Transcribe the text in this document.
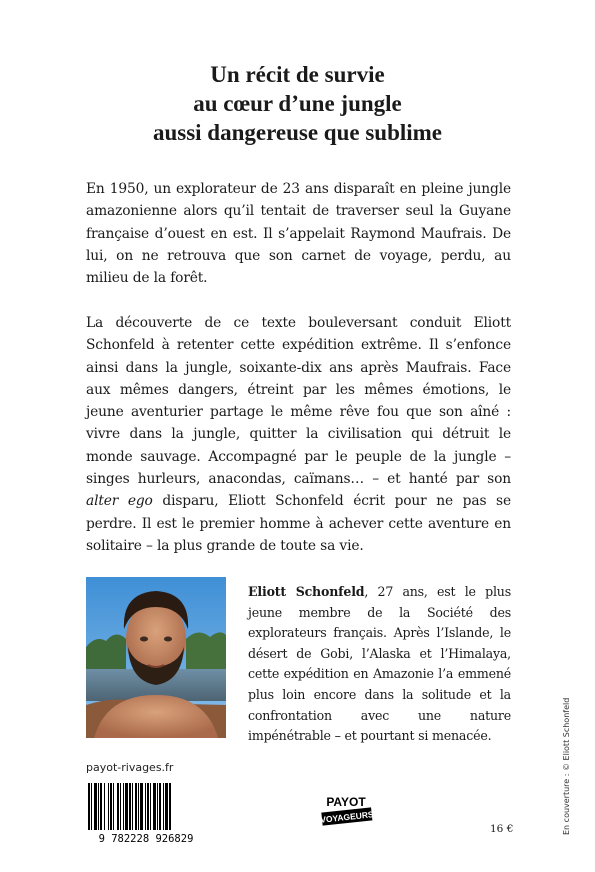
Un récit de survie
au cœur d’une jungle
aussi dangereuse que sublime

En 1950, un explorateur de 23 ans disparaît en pleine jungle amazonienne alors qu’il tentait de traverser seul la Guyane française d’ouest en est. Il s’appelait Raymond Maufrais. De lui, on ne retrouva que son carnet de voyage, perdu, au milieu de la forêt.

La découverte de ce texte bouleversant conduit Eliott Schonfeld à retenter cette expédition extrême. Il s’enfonce ainsi dans la jungle, soixante-dix ans après Maufrais. Face aux mêmes dangers, étreint par les mêmes émotions, le jeune aventurier partage le même rêve fou que son aîné : vivre dans la jungle, quitter la civilisation qui détruit le monde sauvage. Accompagné par le peuple de la jungle – singes hurleurs, anacondas, caïmans… – et hanté par son alter ego disparu, Eliott Schonfeld écrit pour ne pas se perdre. Il est le premier homme à achever cette aventure en solitaire – la plus grande de toute sa vie.

Eliott Schonfeld, 27 ans, est le plus jeune membre de la Société des explorateurs français. Après l’Islande, le désert de Gobi, l’Alaska et l’Himalaya, cette expédition en Amazonie l’a emmené plus loin encore dans la solitude et la confrontation avec une nature impénétrable – et pourtant si menacée.

payot-rivages.fr
9 782228 926829
PAYOT
VOYAGEURS
16 €	En couverture : © Eliott Schonfeld
